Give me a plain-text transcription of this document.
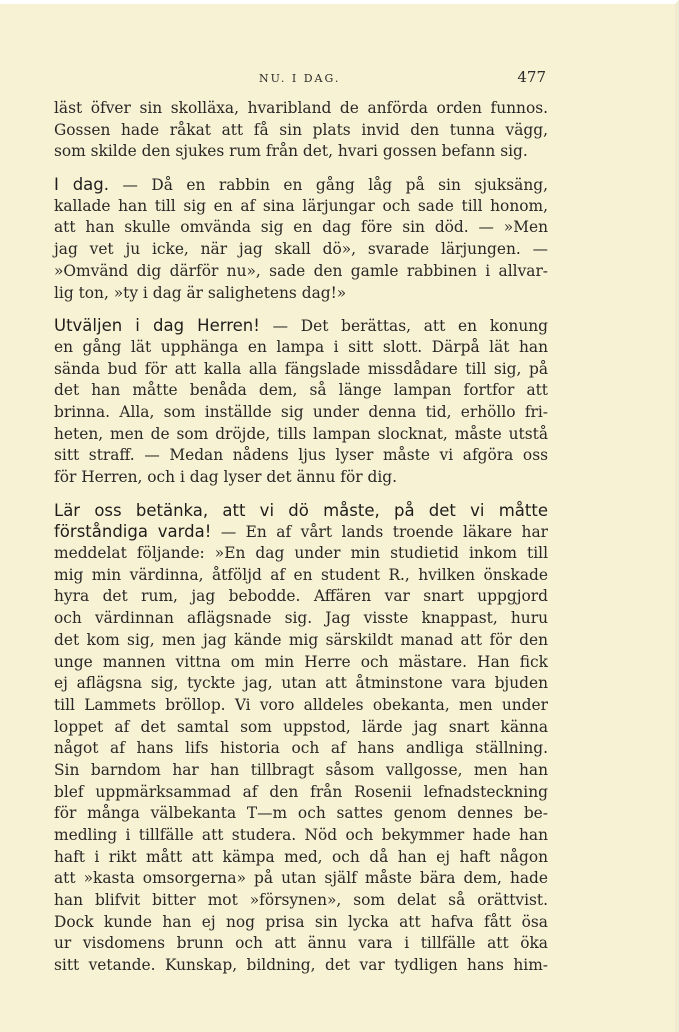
NU. I DAG.	477
läst öfver sin skolläxa, hvaribland de anförda orden funnos.
Gossen hade råkat att få sin plats invid den tunna vägg,
som skilde den sjukes rum från det, hvari gossen befann sig.
I dag. — Då en rabbin en gång låg på sin sjuksäng,
kallade han till sig en af sina lärjungar och sade till honom,
att han skulle omvända sig en dag före sin död. — »Men
jag vet ju icke, när jag skall dö», svarade lärjungen. —
»Omvänd dig därför nu», sade den gamle rabbinen i allvar-
lig ton, »ty i dag är salighetens dag!»
Utväljen i dag Herren! — Det berättas, att en konung
en gång lät upphänga en lampa i sitt slott. Därpå lät han
sända bud för att kalla alla fängslade missdådare till sig, på
det han måtte benåda dem, så länge lampan fortfor att
brinna. Alla, som inställde sig under denna tid, erhöllo fri-
heten, men de som dröjde, tills lampan slocknat, måste utstå
sitt straff. — Medan nådens ljus lyser måste vi afgöra oss
för Herren, och i dag lyser det ännu för dig.
Lär oss betänka, att vi dö måste, på det vi måtte
förståndiga varda! — En af vårt lands troende läkare har
meddelat följande: »En dag under min studietid inkom till
mig min värdinna, åtföljd af en student R., hvilken önskade
hyra det rum, jag bebodde. Affären var snart uppgjord
och värdinnan aflägsnade sig. Jag visste knappast, huru
det kom sig, men jag kände mig särskildt manad att för den
unge mannen vittna om min Herre och mästare. Han fick
ej aflägsna sig, tyckte jag, utan att åtminstone vara bjuden
till Lammets bröllop. Vi voro alldeles obekanta, men under
loppet af det samtal som uppstod, lärde jag snart känna
något af hans lifs historia och af hans andliga ställning.
Sin barndom har han tillbragt såsom vallgosse, men han
blef uppmärksammad af den från Rosenii lefnadsteckning
för många välbekanta T—m och sattes genom dennes be-
medling i tillfälle att studera. Nöd och bekymmer hade han
haft i rikt mått att kämpa med, och då han ej haft någon
att »kasta omsorgerna» på utan själf måste bära dem, hade
han blifvit bitter mot »försynen», som delat så orättvist.
Dock kunde han ej nog prisa sin lycka att hafva fått ösa
ur visdomens brunn och att ännu vara i tillfälle att öka
sitt vetande. Kunskap, bildning, det var tydligen hans him-
